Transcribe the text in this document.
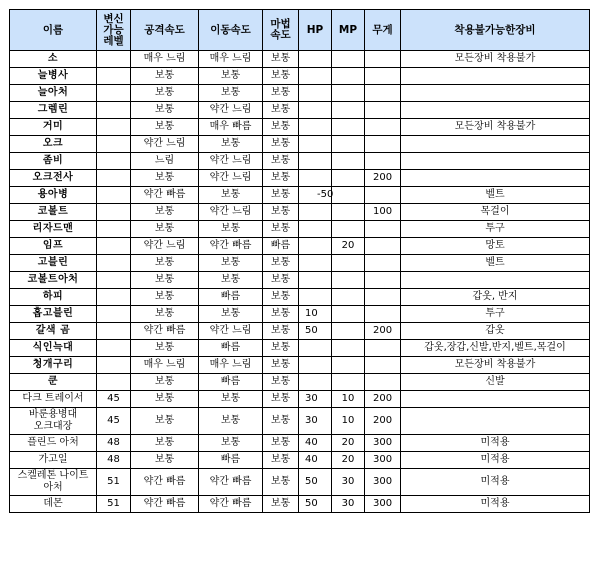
이름	변신
가능
레벨	공격속도	이동속도	마법
속도	HP	MP	무게	착용불가능한장비
소		매우 느림	매우 느림	보통				모든장비 착용불가
늘병사		보통	보통	보통				
늘아처		보통	보통	보통				
그렘린		보통	약간 느림	보통				
거미		보통	매우 빠름	보통				모든장비 착용불가
오크		약간 느림	보통	보통				
좀비		느림	약간 느림	보통				
오크전사		보통	약간 느림	보통			200	
용아병		약간 빠름	보통	보통	-50			벨트
코볼트		보통	약간 느림	보통			100	목걸이
리자드맨		보통	보통	보통				투구
임프		약간 느림	약간 빠름	빠름		20		망토
고블린		보통	보통	보통				벨트
코볼트아처		보통	보통	보통				
하피		보통	빠름	보통				갑옷, 반지
홉고블린		보통	보통	보통	10			투구
갈색 곰		약간 빠름	약간 느림	보통	50		200	갑옷
식인늑대		보통	빠름	보통				갑옷,장갑,신발,반지,벨트,목걸이
청개구리		매우 느림	매우 느림	보통				모든장비 착용불가
쿤		보통	빠름	보통				신발
다크 트레이서	45	보통	보통	보통	30	10	200	
바룬용병대
오크대장	45	보통	보통	보통	30	10	200	
플린드 아처	48	보통	보통	보통	40	20	300	미적용
가고일	48	보통	빠름	보통	40	20	300	미적용
스켈레톤 나이트
아처	51	약간 빠름	약간 빠름	보통	50	30	300	미적용
데몬	51	약간 빠름	약간 빠름	보통	50	30	300	미적용
